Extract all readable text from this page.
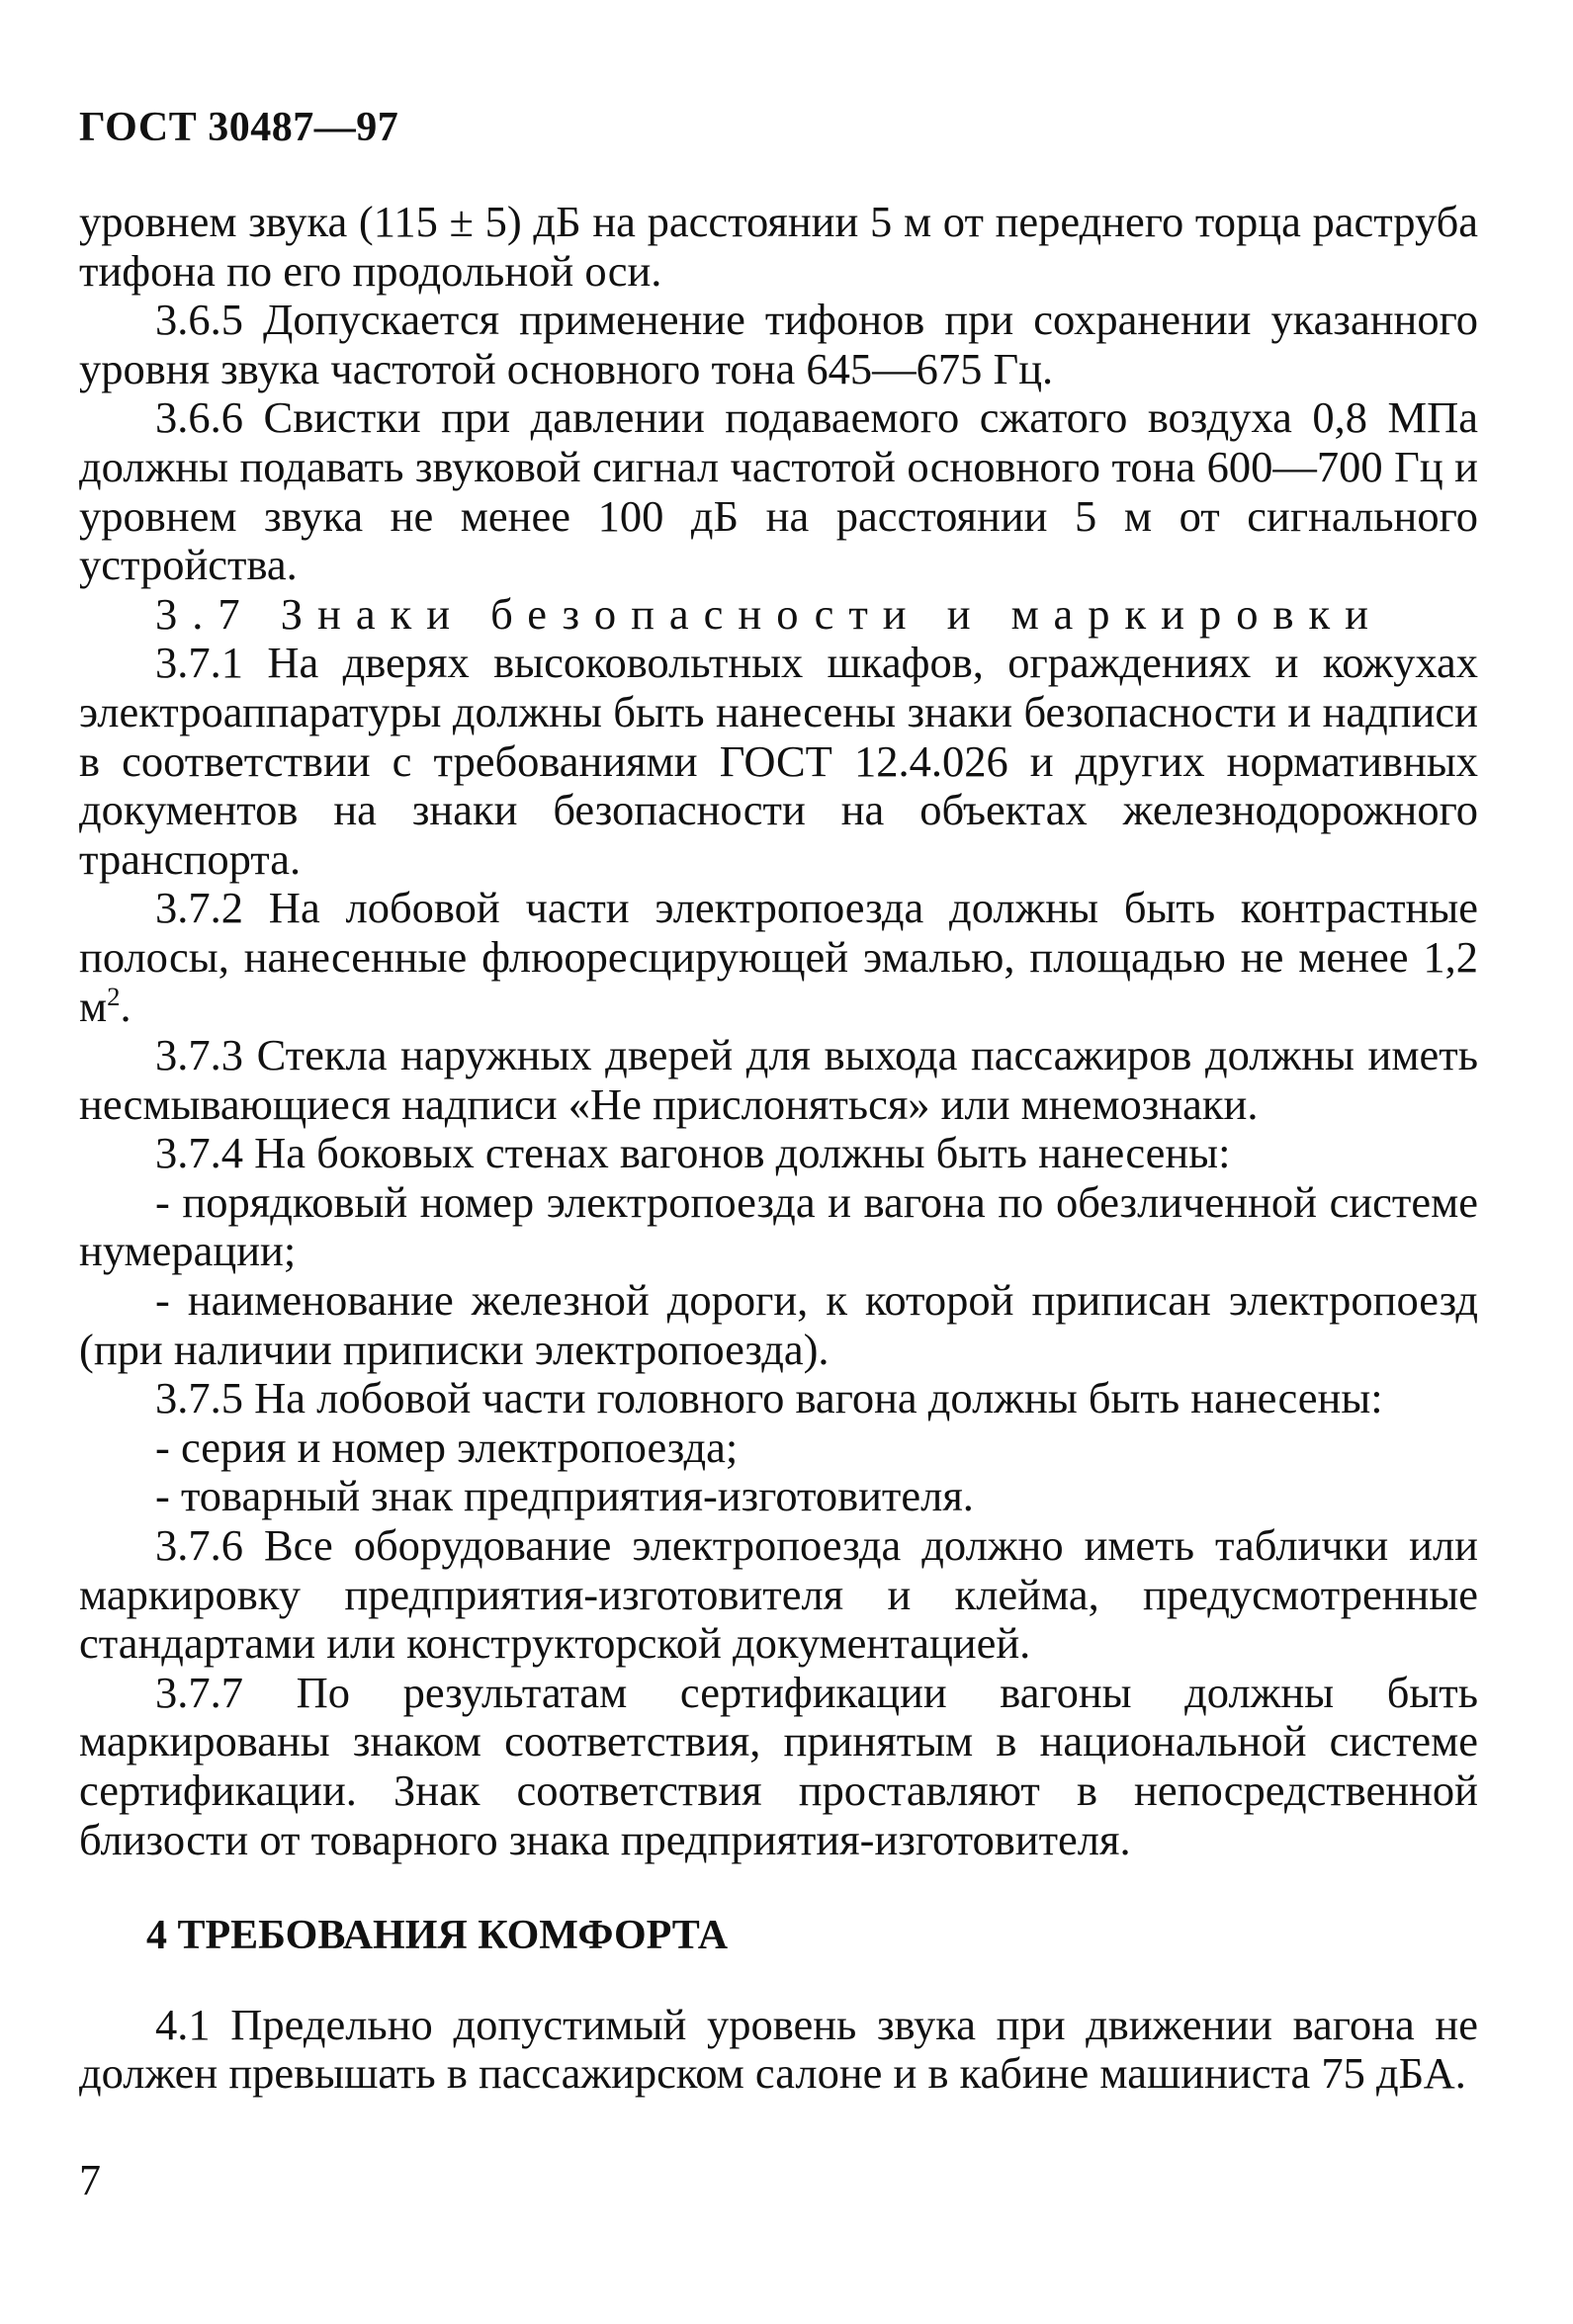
ГОСТ 30487—97

уровнем звука (115 ± 5) дБ на расстоянии 5 м от переднего торца раструба тифона по его продольной оси.

3.6.5 Допускается применение тифонов при сохранении указанного уровня звука частотой основного тона 645—675 Гц.

3.6.6 Свистки при давлении подаваемого сжатого воздуха 0,8 МПа должны подавать звуковой сигнал частотой основного тона 600—700 Гц и уровнем звука не менее 100 дБ на расстоянии 5 м от сигнального устройства.

3.7 Знаки безопасности и маркировки

3.7.1 На дверях высоковольтных шкафов, ограждениях и кожухах электроаппаратуры должны быть нанесены знаки безопасности и надписи в соответствии с требованиями ГОСТ 12.4.026 и других нормативных документов на знаки безопасности на объектах железнодорожного транспорта.

3.7.2 На лобовой части электропоезда должны быть контрастные полосы, нанесенные флюоресцирующей эмалью, площадью не менее 1,2 $м^2$.

3.7.3 Стекла наружных дверей для выхода пассажиров должны иметь несмывающиеся надписи «Не прислоняться» или мнемознаки.

3.7.4 На боковых стенах вагонов должны быть нанесены:

- порядковый номер электропоезда и вагона по обезличенной системе нумерации;

- наименование железной дороги, к которой приписан электропоезд (при наличии приписки электропоезда).

3.7.5 На лобовой части головного вагона должны быть нанесены:

- серия и номер электропоезда;

- товарный знак предприятия-изготовителя.

3.7.6 Все оборудование электропоезда должно иметь таблички или маркировку предприятия-изготовителя и клейма, предусмотренные стандартами или конструкторской документацией.

3.7.7 По результатам сертификации вагоны должны быть маркированы знаком соответствия, принятым в национальной системе сертификации. Знак соответствия проставляют в непосредственной близости от товарного знака предприятия-изготовителя.

4 ТРЕБОВАНИЯ КОМФОРТА

4.1 Предельно допустимый уровень звука при движении вагона не должен превышать в пассажирском салоне и в кабине машиниста 75 дБА.

7
